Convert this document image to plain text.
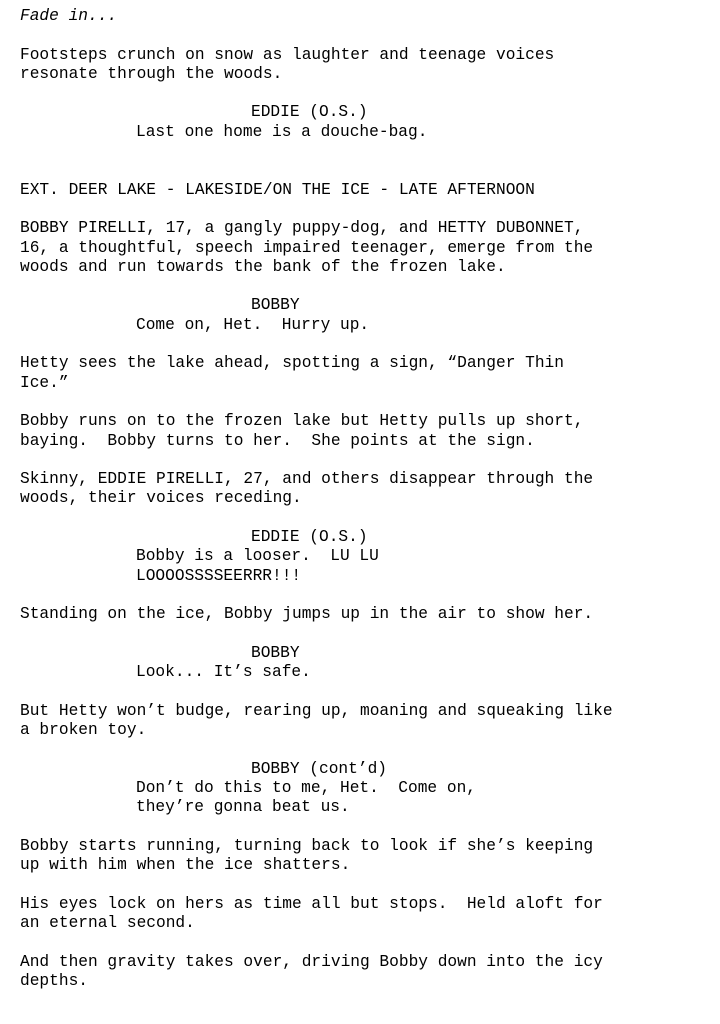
Fade in...

Footsteps crunch on snow as laughter and teenage voices
resonate through the woods.

EDDIE (O.S.)

Last one home is a douche-bag.

EXT. DEER LAKE - LAKESIDE/ON THE ICE - LATE AFTERNOON

BOBBY PIRELLI, 17, a gangly puppy-dog, and HETTY DUBONNET,
16, a thoughtful, speech impaired teenager, emerge from the
woods and run towards the bank of the frozen lake.

BOBBY

Come on, Het.  Hurry up.

Hetty sees the lake ahead, spotting a sign, “Danger Thin
Ice.”

Bobby runs on to the frozen lake but Hetty pulls up short,
baying.  Bobby turns to her.  She points at the sign.

Skinny, EDDIE PIRELLI, 27, and others disappear through the
woods, their voices receding.

EDDIE (O.S.)

Bobby is a looser.  LU LU
LOOOOSSSSEERRR!!!

Standing on the ice, Bobby jumps up in the air to show her.

BOBBY

Look... It’s safe.

But Hetty won’t budge, rearing up, moaning and squeaking like
a broken toy.

BOBBY (cont’d)

Don’t do this to me, Het.  Come on,
they’re gonna beat us.

Bobby starts running, turning back to look if she’s keeping
up with him when the ice shatters.

His eyes lock on hers as time all but stops.  Held aloft for
an eternal second.

And then gravity takes over, driving Bobby down into the icy
depths.
